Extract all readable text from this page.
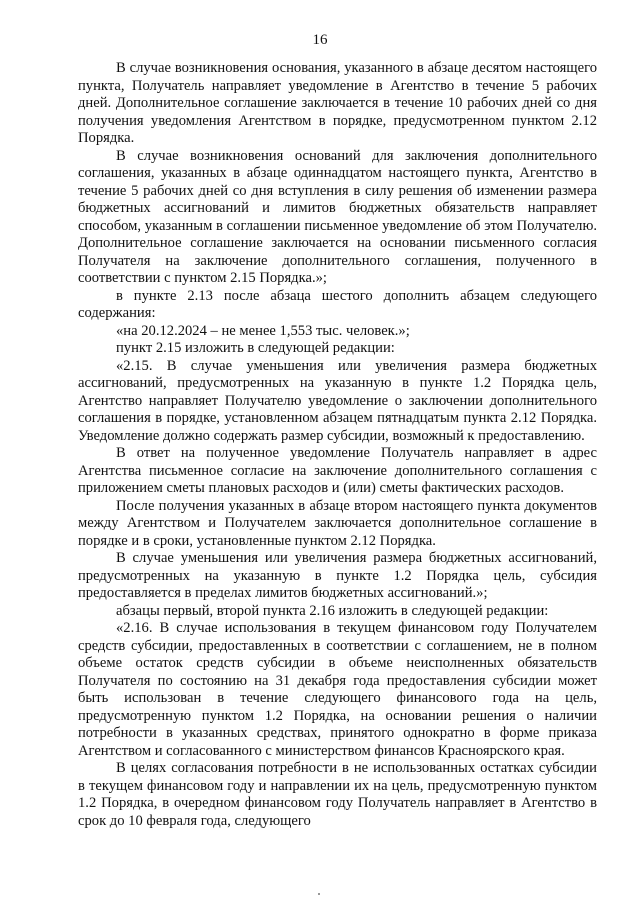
16

В случае возникновения основания, указанного в абзаце десятом настоящего пункта, Получатель направляет уведомление в Агентство в течение 5 рабочих дней. Дополнительное соглашение заключается в течение 10 рабочих дней со дня получения уведомления Агентством в порядке, предусмотренном пунктом 2.12 Порядка.

В случае возникновения оснований для заключения дополнительного соглашения, указанных в абзаце одиннадцатом настоящего пункта, Агентство в течение 5 рабочих дней со дня вступления в силу решения об изменении размера бюджетных ассигнований и лимитов бюджетных обязательств направляет способом, указанным в соглашении письменное уведомление об этом Получателю. Дополнительное соглашение заключается на основании письменного согласия Получателя на заключение дополнительного соглашения, полученного в соответствии с пунктом 2.15 Порядка.»;

в пункте 2.13 после абзаца шестого дополнить абзацем следующего содержания:

«на 20.12.2024 – не менее 1,553 тыс. человек.»;

пункт 2.15 изложить в следующей редакции:

«2.15. В случае уменьшения или увеличения размера бюджетных ассигнований, предусмотренных на указанную в пункте 1.2 Порядка цель, Агентство направляет Получателю уведомление о заключении дополнительного соглашения в порядке, установленном абзацем пятнадцатым пункта 2.12 Порядка. Уведомление должно содержать размер субсидии, возможный к предоставлению.

В ответ на полученное уведомление Получатель направляет в адрес Агентства письменное согласие на заключение дополнительного соглашения с приложением сметы плановых расходов и (или) сметы фактических расходов.

После получения указанных в абзаце втором настоящего пункта документов между Агентством и Получателем заключается дополнительное соглашение в порядке и в сроки, установленные пунктом 2.12 Порядка.

В случае уменьшения или увеличения размера бюджетных ассигнований, предусмотренных на указанную в пункте 1.2 Порядка цель, субсидия предоставляется в пределах лимитов бюджетных ассигнований.»;

абзацы первый, второй пункта 2.16 изложить в следующей редакции:

«2.16. В случае использования в текущем финансовом году Получателем средств субсидии, предоставленных в соответствии с соглашением, не в полном объеме остаток средств субсидии в объеме неисполненных обязательств Получателя по состоянию на 31 декабря года предоставления субсидии может быть использован в течение следующего финансового года на цель, предусмотренную пунктом 1.2 Порядка, на основании решения о наличии потребности в указанных средствах, принятого однократно в форме приказа Агентством и согласованного с министерством финансов Красноярского края.

В целях согласования потребности в не использованных остатках субсидии в текущем финансовом году и направлении их на цель, предусмотренную пунктом 1.2 Порядка, в очередном финансовом году Получатель направляет в Агентство в срок до 10 февраля года, следующего
